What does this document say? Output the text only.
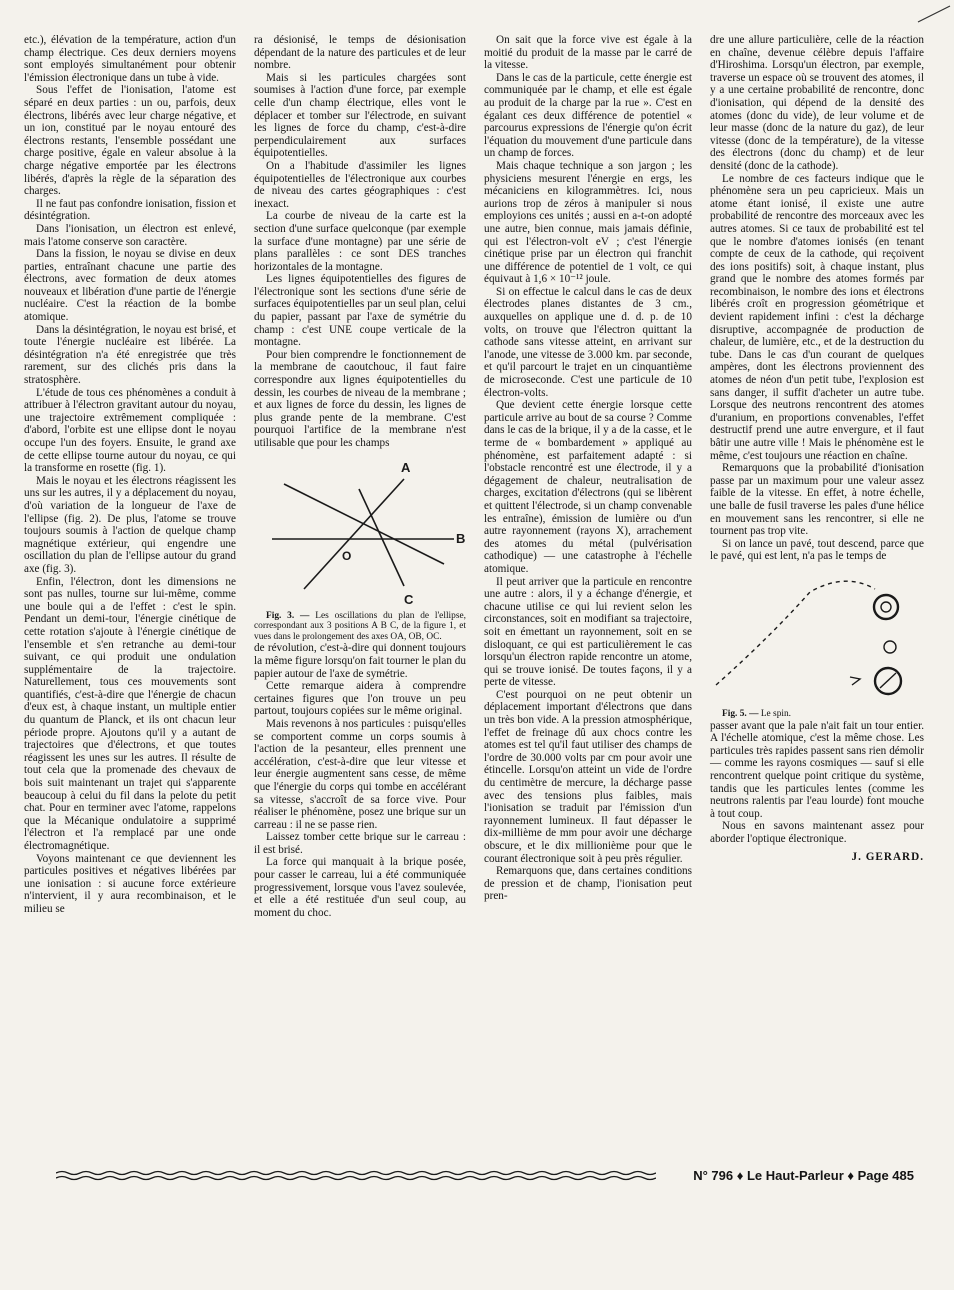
etc.), élévation de la température, action d'un champ électrique. Ces deux derniers moyens sont employés simultanément pour obtenir l'émission électronique dans un tube à vide.

Sous l'effet de l'ionisation, l'atome est séparé en deux parties : un ou, parfois, deux électrons, libérés avec leur charge négative, et un ion, constitué par le noyau entouré des électrons restants, l'ensemble possédant une charge positive, égale en valeur absolue à la charge négative emportée par les électrons libérés, d'après la règle de la séparation des charges.

Il ne faut pas confondre ionisation, fission et désintégration.

Dans l'ionisation, un électron est enlevé, mais l'atome conserve son caractère.

Dans la fission, le noyau se divise en deux parties, entraînant chacune une partie des électrons, avec formation de deux atomes nouveaux et libération d'une partie de l'énergie nucléaire. C'est la réaction de la bombe atomique.

Dans la désintégration, le noyau est brisé, et toute l'énergie nucléaire est libérée. La désintégration n'a été enregistrée que très rarement, sur des clichés pris dans la stratosphère.

L'étude de tous ces phénomènes a conduit à attribuer à l'électron gravitant autour du noyau, une trajectoire extrêmement compliquée : d'abord, l'orbite est une ellipse dont le noyau occupe l'un des foyers. Ensuite, le grand axe de cette ellipse tourne autour du noyau, ce qui la transforme en rosette (fig. 1).

Mais le noyau et les électrons réagissent les uns sur les autres, il y a déplacement du noyau, d'où variation de la longueur de l'axe de l'ellipse (fig. 2). De plus, l'atome se trouve toujours soumis à l'action de quelque champ magnétique extérieur, qui engendre une oscillation du plan de l'ellipse autour du grand axe (fig. 3).

Enfin, l'électron, dont les dimensions ne sont pas nulles, tourne sur lui-même, comme une boule qui a de l'effet : c'est le spin. Pendant un demi-tour, l'énergie cinétique de cette rotation s'ajoute à l'énergie cinétique de l'ensemble et s'en retranche au demi-tour suivant, ce qui produit une ondulation supplémentaire de la trajectoire. Naturellement, tous ces mouvements sont quantifiés, c'est-à-dire que l'énergie de chacun d'eux est, à chaque instant, un multiple entier du quantum de Planck, et ils ont chacun leur période propre. Ajoutons qu'il y a autant de trajectoires que d'électrons, et que toutes réagissent les unes sur les autres. Il résulte de tout cela que la promenade des chevaux de bois suit maintenant un trajet qui s'apparente beaucoup à celui du fil dans la pelote du petit chat. Pour en terminer avec l'atome, rappelons que la Mécanique ondulatoire a supprimé l'électron et l'a remplacé par une onde électromagnétique.

Voyons maintenant ce que deviennent les particules positives et négatives libérées par une ionisation : si aucune force extérieure n'intervient, il y aura recombinaison, et le milieu se

ra désionisé, le temps de désionisation dépendant de la nature des particules et de leur nombre.

Mais si les particules chargées sont soumises à l'action d'une force, par exemple celle d'un champ électrique, elles vont le déplacer et tomber sur l'électrode, en suivant les lignes de force du champ, c'est-à-dire perpendiculairement aux surfaces équipotentielles.

On a l'habitude d'assimiler les lignes équipotentielles de l'électronique aux courbes de niveau des cartes géographiques : c'est inexact.

La courbe de niveau de la carte est la section d'une surface quelconque (par exemple la surface d'une montagne) par une série de plans parallèles : ce sont DES tranches horizontales de la montagne.

Les lignes équipotentielles des figures de l'électronique sont les sections d'une série de surfaces équipotentielles par un seul plan, celui du papier, passant par l'axe de symétrie du champ : c'est UNE coupe verticale de la montagne.

Pour bien comprendre le fonctionnement de la membrane de caoutchouc, il faut faire correspondre aux lignes équipotentielles du dessin, les courbes de niveau de la membrane ; et aux lignes de force du dessin, les lignes de plus grande pente de la membrane. C'est pourquoi l'artifice de la membrane n'est utilisable que pour les champs

A
B
C
O

Fig. 3. — Les oscillations du plan de l'ellipse, correspondant aux 3 positions A B C, de la figure 1, et vues dans le prolongement des axes OA, OB, OC.

de révolution, c'est-à-dire qui donnent toujours la même figure lorsqu'on fait tourner le plan du papier autour de l'axe de symétrie.

Cette remarque aidera à comprendre certaines figures que l'on trouve un peu partout, toujours copiées sur le même original.

Mais revenons à nos particules : puisqu'elles se comportent comme un corps soumis à l'action de la pesanteur, elles prennent une accélération, c'est-à-dire que leur vitesse et leur énergie augmentent sans cesse, de même que l'énergie du corps qui tombe en accélérant sa vitesse, s'accroît de sa force vive. Pour réaliser le phénomène, posez une brique sur un carreau : il ne se passe rien.

Laissez tomber cette brique sur le carreau : il est brisé.

La force qui manquait à la brique posée, pour casser le carreau, lui a été communiquée progressivement, lorsque vous l'avez soulevée, et elle a été restituée d'un seul coup, au moment du choc.

On sait que la force vive est égale à la moitié du produit de la masse par le carré de la vitesse.

Dans le cas de la particule, cette énergie est communiquée par le champ, et elle est égale au produit de la charge par la rue ». C'est en égalant ces deux différence de potentiel « parcourus expressions de l'énergie qu'on écrit l'équation du mouvement d'une particule dans un champ de forces.

Mais chaque technique a son jargon ; les physiciens mesurent l'énergie en ergs, les mécaniciens en kilogrammètres. Ici, nous aurions trop de zéros à manipuler si nous employions ces unités ; aussi en a-t-on adopté une autre, bien connue, mais jamais définie, qui est l'électron-volt eV ; c'est l'énergie cinétique prise par un électron qui franchit une différence de potentiel de 1 volt, ce qui équivaut à 1,6 × 10⁻¹² joule.

Si on effectue le calcul dans le cas de deux électrodes planes distantes de 3 cm., auxquelles on applique une d. d. p. de 10 volts, on trouve que l'électron quittant la cathode sans vitesse atteint, en arrivant sur l'anode, une vitesse de 3.000 km. par seconde, et qu'il parcourt le trajet en un cinquantième de microseconde. C'est une particule de 10 électron-volts.

Que devient cette énergie lorsque cette particule arrive au bout de sa course ? Comme dans le cas de la brique, il y a de la casse, et le terme de « bombardement » appliqué au phénomène, est parfaitement adapté : si l'obstacle rencontré est une électrode, il y a dégagement de chaleur, neutralisation de charges, excitation d'électrons (qui se libèrent et quittent l'électrode, si un champ convenable les entraîne), émission de lumière ou d'un autre rayonnement (rayons X), arrachement des atomes du métal (pulvérisation cathodique) — une catastrophe à l'échelle atomique.

Il peut arriver que la particule en rencontre une autre : alors, il y a échange d'énergie, et chacune utilise ce qui lui revient selon les circonstances, soit en modifiant sa trajectoire, soit en émettant un rayonnement, soit en se disloquant, ce qui est particulièrement le cas lorsqu'un électron rapide rencontre un atome, qui se trouve ionisé. De toutes façons, il y a perte de vitesse.

C'est pourquoi on ne peut obtenir un déplacement important d'électrons que dans un très bon vide. A la pression atmosphérique, l'effet de freinage dû aux chocs contre les atomes est tel qu'il faut utiliser des champs de l'ordre de 30.000 volts par cm pour avoir une étincelle. Lorsqu'on atteint un vide de l'ordre du centimètre de mercure, la décharge passe avec des tensions plus faibles, mais l'ionisation se traduit par l'émission d'un rayonnement lumineux. Il faut dépasser le dix-millième de mm pour avoir une décharge obscure, et le dix millionième pour que le courant électronique soit à peu près régulier.

Remarquons que, dans certaines conditions de pression et de champ, l'ionisation peut pren-

dre une allure particulière, celle de la réaction en chaîne, devenue célèbre depuis l'affaire d'Hiroshima. Lorsqu'un électron, par exemple, traverse un espace où se trouvent des atomes, il y a une certaine probabilité de rencontre, donc d'ionisation, qui dépend de la densité des atomes (donc du vide), de leur volume et de leur masse (donc de la nature du gaz), de leur vitesse (donc de la température), de la vitesse des électrons (donc du champ) et de leur densité (donc de la cathode).

Le nombre de ces facteurs indique que le phénomène sera un peu capricieux. Mais un atome étant ionisé, il existe une autre probabilité de rencontre des morceaux avec les autres atomes. Si ce taux de probabilité est tel que le nombre d'atomes ionisés (en tenant compte de ceux de la cathode, qui reçoivent des ions positifs) soit, à chaque instant, plus grand que le nombre des atomes formés par recombinaison, le nombre des ions et électrons libérés croît en progression géométrique et devient rapidement infini : c'est la décharge disruptive, accompagnée de production de chaleur, de lumière, etc., et de la destruction du tube. Dans le cas d'un courant de quelques ampères, dont les électrons proviennent des atomes de néon d'un petit tube, l'explosion est sans danger, il suffit d'acheter un autre tube. Lorsque des neutrons rencontrent des atomes d'uranium, en proportions convenables, l'effet destructif prend une autre envergure, et il faut bâtir une autre ville ! Mais le phénomène est le même, c'est toujours une réaction en chaîne.

Remarquons que la probabilité d'ionisation passe par un maximum pour une valeur assez faible de la vitesse. En effet, à notre échelle, une balle de fusil traverse les pales d'une hélice en mouvement sans les rencontrer, si elle ne tournent pas trop vite.

Si on lance un pavé, tout descend, parce que le pavé, qui est lent, n'a pas le temps de

Fig. 5. — Le spin.

passer avant que la pale n'ait fait un tour entier. A l'échelle atomique, c'est la même chose. Les particules très rapides passent sans rien démolir — comme les rayons cosmiques — sauf si elle rencontrent quelque point critique du système, tandis que les particules lentes (comme les neutrons ralentis par l'eau lourde) font mouche à tout coup.

Nous en savons maintenant assez pour aborder l'optique électronique.

J. GERARD.

N° 796 ♦ Le Haut-Parleur ♦ Page 485
